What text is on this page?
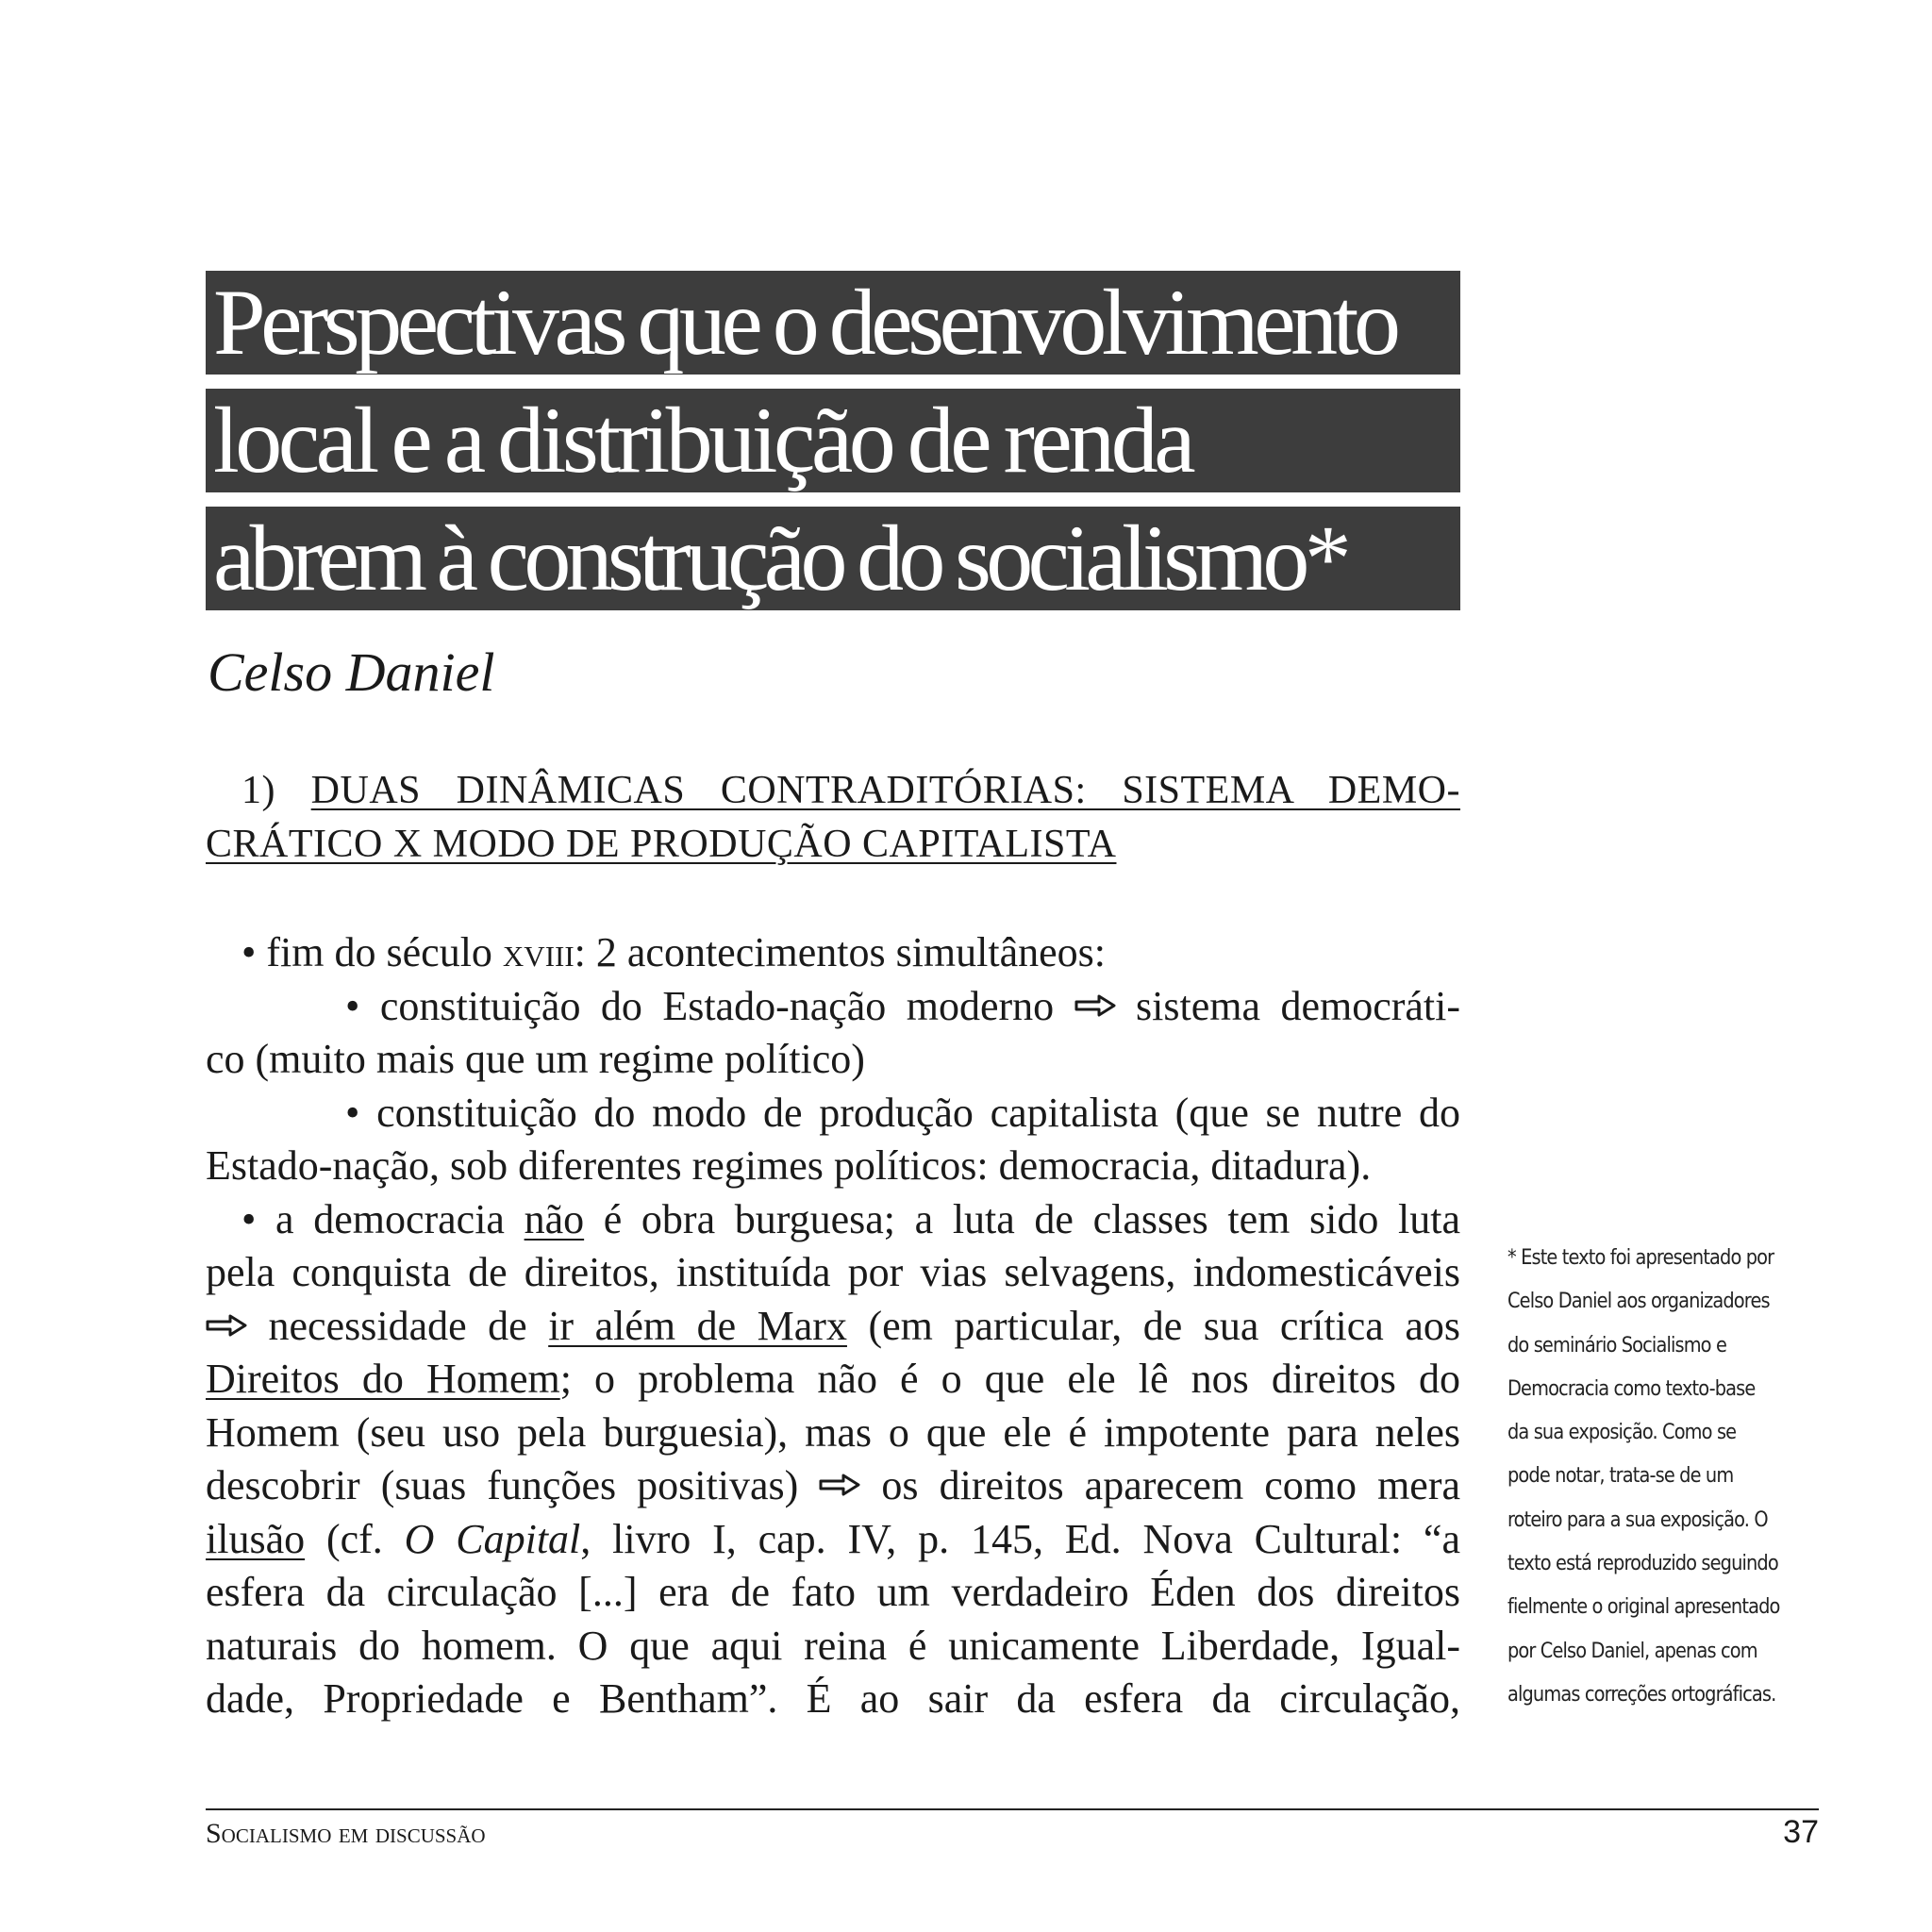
Perspectivas que o desenvolvimento
local e a distribuição de renda
abrem à construção do socialismo*
Celso Daniel
1) DUAS DINÂMICAS CONTRADITÓRIAS: SISTEMA DEMO-
CRÁTICO X MODO DE PRODUÇÃO CAPITALISTA
• fim do século xviii: 2 acontecimentos simultâneos:
• constituição do Estado-nação moderno sistema democráti-
co (muito mais que um regime político)
• constituição do modo de produção capitalista (que se nutre do
Estado-nação, sob diferentes regimes políticos: democracia, ditadura).
• a democracia não é obra burguesa; a luta de classes tem sido luta
pela conquista de direitos, instituída por vias selvagens, indomesticáveis
necessidade de ir além de Marx (em particular, de sua crítica aos
Direitos do Homem; o problema não é o que ele lê nos direitos do
Homem (seu uso pela burguesia), mas o que ele é impotente para neles
descobrir (suas funções positivas)  os direitos aparecem como mera
ilusão (cf. O Capital, livro I, cap. IV, p. 145, Ed. Nova Cultural: “a
esfera da circulação [...] era de fato um verdadeiro Éden dos direitos
naturais do homem. O que aqui reina é unicamente Liberdade, Igual-
dade, Propriedade e Bentham”. É ao sair da esfera da circulação,
* Este texto foi apresentado por
Celso Daniel aos organizadores
do seminário Socialismo e
Democracia como texto-base
da sua exposição. Como se
pode notar, trata-se de um
roteiro para a sua exposição. O
texto está reproduzido seguindo
fielmente o original apresentado
por Celso Daniel, apenas com
algumas correções ortográficas.
Socialismo em discussão	37
